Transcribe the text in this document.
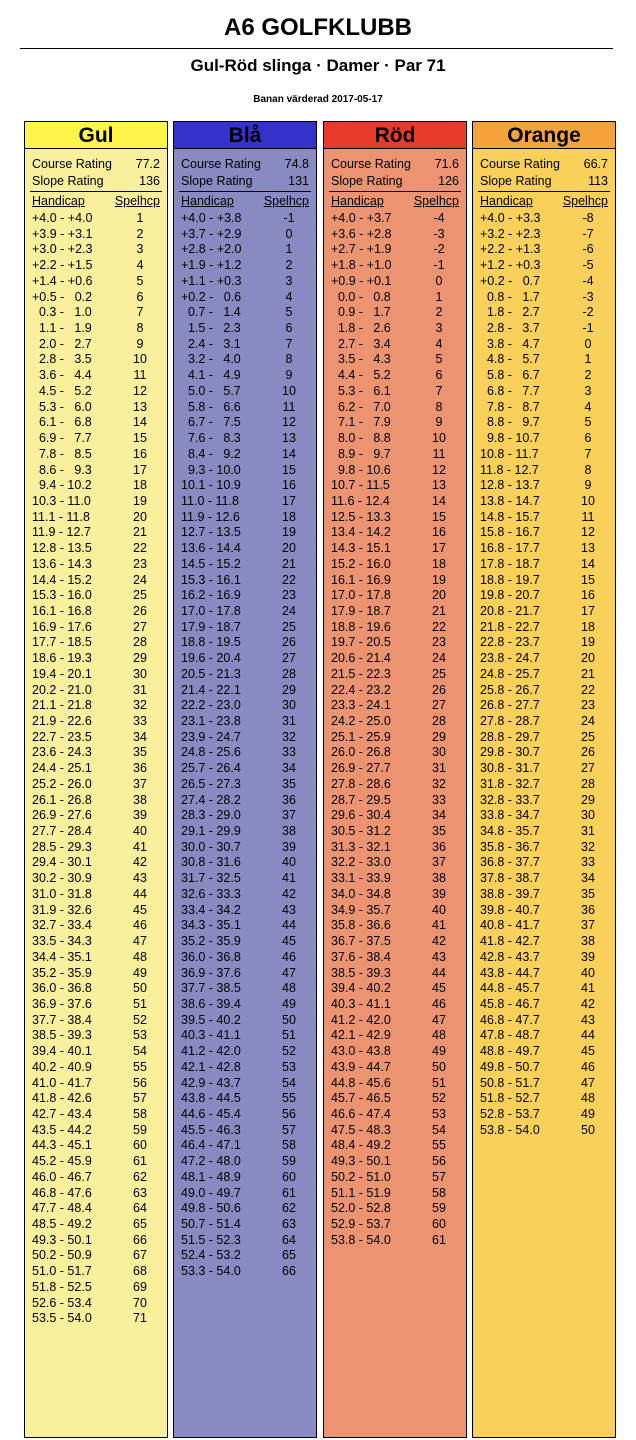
A6 GOLFKLUBB
Gul-Röd slinga · Damer · Par 71
Banan värderad 2017-05-17
Gul
Course Rating 77.2
Slope Rating	136
Handicap Spelhcp
+4.0 - +4.0	1
+3.9 - +3.1	2
+3.0 - +2.3	3
+2.2 - +1.5	4
+1.4 - +0.6	5
+0.5 -   0.2	6
0.3 -   1.0	7
1.1 -   1.9	8
2.0 -   2.7	9
2.8 -   3.5	10
3.6 -   4.4	11
4.5 -   5.2	12
5.3 -   6.0	13
6.1 -   6.8	14
6.9 -   7.7	15
7.8 -   8.5	16
8.6 -   9.3	17
9.4 - 10.2	18
10.3 - 11.0	19
11.1 - 11.8	20
11.9 - 12.7	21
12.8 - 13.5	22
13.6 - 14.3	23
14.4 - 15.2	24
15.3 - 16.0	25
16.1 - 16.8	26
16.9 - 17.6	27
17.7 - 18.5	28
18.6 - 19.3	29
19.4 - 20.1	30
20.2 - 21.0	31
21.1 - 21.8	32
21.9 - 22.6	33
22.7 - 23.5	34
23.6 - 24.3	35
24.4 - 25.1	36
25.2 - 26.0	37
26.1 - 26.8	38
26.9 - 27.6	39
27.7 - 28.4	40
28.5 - 29.3	41
29.4 - 30.1	42
30.2 - 30.9	43
31.0 - 31.8	44
31.9 - 32.6	45
32.7 - 33.4	46
33.5 - 34.3	47
34.4 - 35.1	48
35.2 - 35.9	49
36.0 - 36.8	50
36.9 - 37.6	51
37.7 - 38.4	52
38.5 - 39.3	53
39.4 - 40.1	54
40.2 - 40.9	55
41.0 - 41.7	56
41.8 - 42.6	57
42.7 - 43.4	58
43.5 - 44.2	59
44.3 - 45.1	60
45.2 - 45.9	61
46.0 - 46.7	62
46.8 - 47.6	63
47.7 - 48.4	64
48.5 - 49.2	65
49.3 - 50.1	66
50.2 - 50.9	67
51.0 - 51.7	68
51.8 - 52.5	69
52.6 - 53.4	70
53.5 - 54.0	71
Blå
Course Rating 74.8
Slope Rating	131
Handicap Spelhcp
+4.0 - +3.8	-1
+3.7 - +2.9	0
+2.8 - +2.0	1
+1.9 - +1.2	2
+1.1 - +0.3	3
+0.2 -   0.6	4
0.7 -   1.4	5
1.5 -   2.3	6
2.4 -   3.1	7
3.2 -   4.0	8
4.1 -   4.9	9
5.0 -   5.7	10
5.8 -   6.6	11
6.7 -   7.5	12
7.6 -   8.3	13
8.4 -   9.2	14
9.3 - 10.0	15
10.1 - 10.9	16
11.0 - 11.8	17
11.9 - 12.6	18
12.7 - 13.5	19
13.6 - 14.4	20
14.5 - 15.2	21
15.3 - 16.1	22
16.2 - 16.9	23
17.0 - 17.8	24
17.9 - 18.7	25
18.8 - 19.5	26
19.6 - 20.4	27
20.5 - 21.3	28
21.4 - 22.1	29
22.2 - 23.0	30
23.1 - 23.8	31
23.9 - 24.7	32
24.8 - 25.6	33
25.7 - 26.4	34
26.5 - 27.3	35
27.4 - 28.2	36
28.3 - 29.0	37
29.1 - 29.9	38
30.0 - 30.7	39
30.8 - 31.6	40
31.7 - 32.5	41
32.6 - 33.3	42
33.4 - 34.2	43
34.3 - 35.1	44
35.2 - 35.9	45
36.0 - 36.8	46
36.9 - 37.6	47
37.7 - 38.5	48
38.6 - 39.4	49
39.5 - 40.2	50
40.3 - 41.1	51
41.2 - 42.0	52
42.1 - 42.8	53
42.9 - 43.7	54
43.8 - 44.5	55
44.6 - 45.4	56
45.5 - 46.3	57
46.4 - 47.1	58
47.2 - 48.0	59
48.1 - 48.9	60
49.0 - 49.7	61
49.8 - 50.6	62
50.7 - 51.4	63
51.5 - 52.3	64
52.4 - 53.2	65
53.3 - 54.0	66
Röd
Course Rating 71.6
Slope Rating	126
Handicap Spelhcp
+4.0 - +3.7	-4
+3.6 - +2.8	-3
+2.7 - +1.9	-2
+1.8 - +1.0	-1
+0.9 - +0.1	0
0.0 -   0.8	1
0.9 -   1.7	2
1.8 -   2.6	3
2.7 -   3.4	4
3.5 -   4.3	5
4.4 -   5.2	6
5.3 -   6.1	7
6.2 -   7.0	8
7.1 -   7.9	9
8.0 -   8.8	10
8.9 -   9.7	11
9.8 - 10.6	12
10.7 - 11.5	13
11.6 - 12.4	14
12.5 - 13.3	15
13.4 - 14.2	16
14.3 - 15.1	17
15.2 - 16.0	18
16.1 - 16.9	19
17.0 - 17.8	20
17.9 - 18.7	21
18.8 - 19.6	22
19.7 - 20.5	23
20.6 - 21.4	24
21.5 - 22.3	25
22.4 - 23.2	26
23.3 - 24.1	27
24.2 - 25.0	28
25.1 - 25.9	29
26.0 - 26.8	30
26.9 - 27.7	31
27.8 - 28.6	32
28.7 - 29.5	33
29.6 - 30.4	34
30.5 - 31.2	35
31.3 - 32.1	36
32.2 - 33.0	37
33.1 - 33.9	38
34.0 - 34.8	39
34.9 - 35.7	40
35.8 - 36.6	41
36.7 - 37.5	42
37.6 - 38.4	43
38.5 - 39.3	44
39.4 - 40.2	45
40.3 - 41.1	46
41.2 - 42.0	47
42.1 - 42.9	48
43.0 - 43.8	49
43.9 - 44.7	50
44.8 - 45.6	51
45.7 - 46.5	52
46.6 - 47.4	53
47.5 - 48.3	54
48.4 - 49.2	55
49.3 - 50.1	56
50.2 - 51.0	57
51.1 - 51.9	58
52.0 - 52.8	59
52.9 - 53.7	60
53.8 - 54.0	61
Orange
Course Rating 66.7
Slope Rating	113
Handicap Spelhcp
+4.0 - +3.3	-8
+3.2 - +2.3	-7
+2.2 - +1.3	-6
+1.2 - +0.3	-5
+0.2 -   0.7	-4
0.8 -   1.7	-3
1.8 -   2.7	-2
2.8 -   3.7	-1
3.8 -   4.7	0
4.8 -   5.7	1
5.8 -   6.7	2
6.8 -   7.7	3
7.8 -   8.7	4
8.8 -   9.7	5
9.8 - 10.7	6
10.8 - 11.7	7
11.8 - 12.7	8
12.8 - 13.7	9
13.8 - 14.7	10
14.8 - 15.7	11
15.8 - 16.7	12
16.8 - 17.7	13
17.8 - 18.7	14
18.8 - 19.7	15
19.8 - 20.7	16
20.8 - 21.7	17
21.8 - 22.7	18
22.8 - 23.7	19
23.8 - 24.7	20
24.8 - 25.7	21
25.8 - 26.7	22
26.8 - 27.7	23
27.8 - 28.7	24
28.8 - 29.7	25
29.8 - 30.7	26
30.8 - 31.7	27
31.8 - 32.7	28
32.8 - 33.7	29
33.8 - 34.7	30
34.8 - 35.7	31
35.8 - 36.7	32
36.8 - 37.7	33
37.8 - 38.7	34
38.8 - 39.7	35
39.8 - 40.7	36
40.8 - 41.7	37
41.8 - 42.7	38
42.8 - 43.7	39
43.8 - 44.7	40
44.8 - 45.7	41
45.8 - 46.7	42
46.8 - 47.7	43
47.8 - 48.7	44
48.8 - 49.7	45
49.8 - 50.7	46
50.8 - 51.7	47
51.8 - 52.7	48
52.8 - 53.7	49
53.8 - 54.0	50
